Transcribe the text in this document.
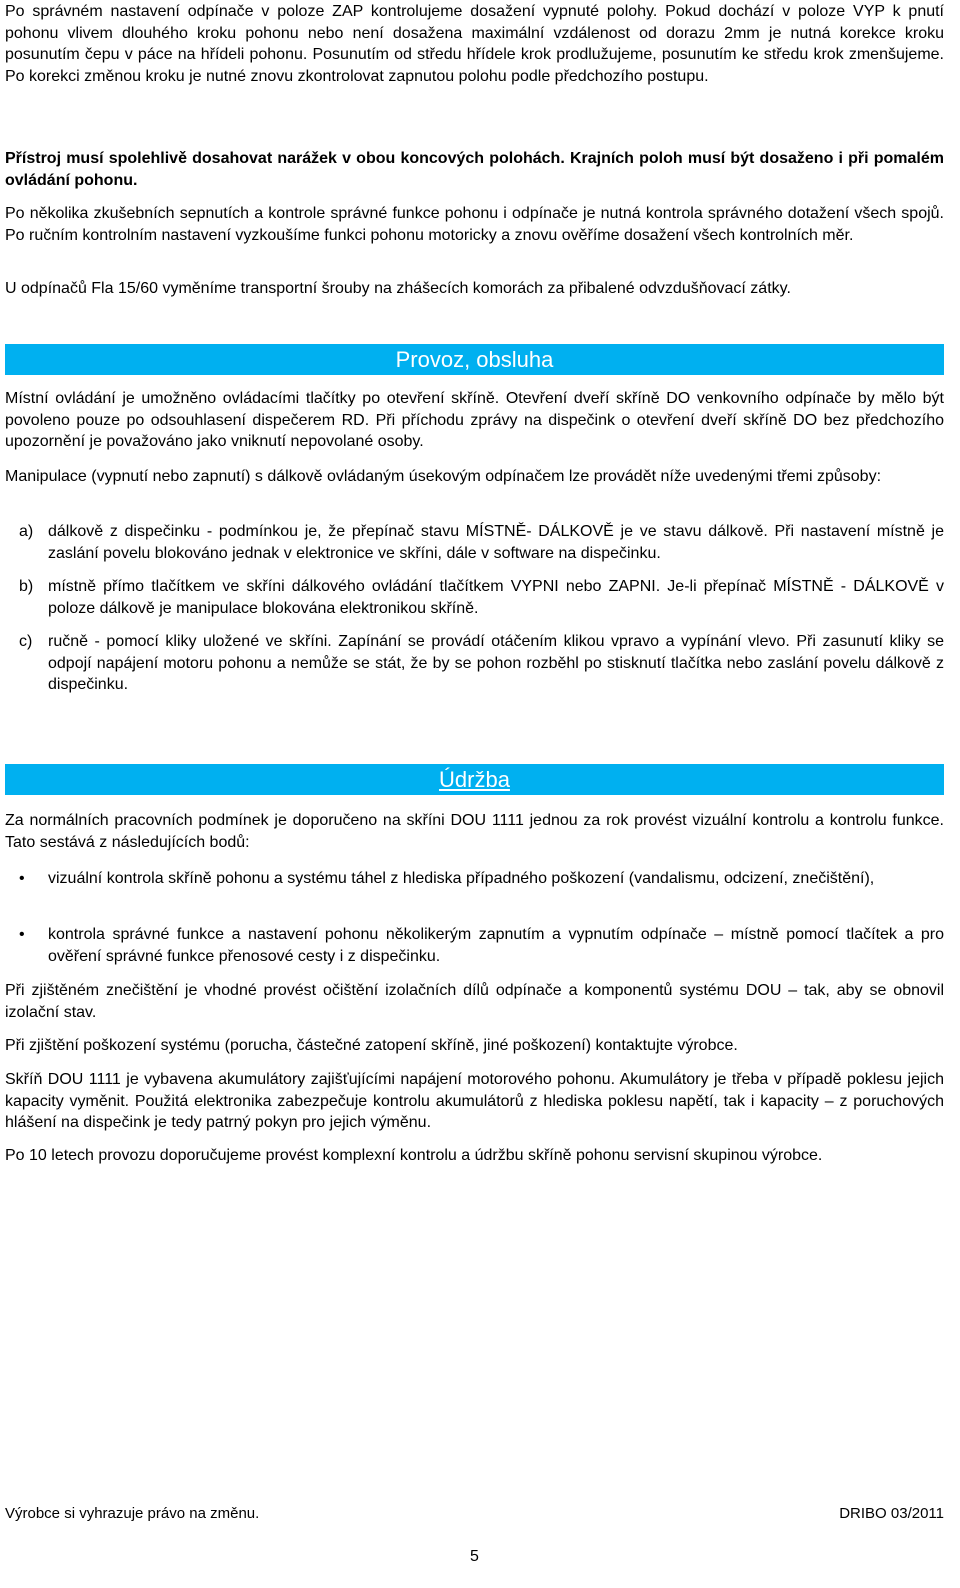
Po správném nastavení odpínače v poloze ZAP kontrolujeme dosažení vypnuté polohy. Pokud dochází v poloze VYP k pnutí pohonu vlivem dlouhého kroku pohonu nebo není dosažena maximální vzdálenost od dorazu 2mm je nutná korekce kroku posunutím čepu v páce na hřídeli pohonu. Posunutím od středu hřídele krok prodlužujeme, posunutím ke středu krok zmenšujeme. Po korekci změnou kroku je nutné znovu zkontrolovat zapnutou polohu podle předchozího postupu.

Přístroj musí spolehlivě dosahovat narážek v obou koncových polohách. Krajních poloh musí být dosaženo i při pomalém ovládání pohonu.

Po několika zkušebních sepnutích a kontrole správné funkce pohonu i odpínače je nutná kontrola správného dotažení všech spojů. Po ručním kontrolním nastavení vyzkoušíme funkci pohonu motoricky a znovu ověříme dosažení všech kontrolních měr.

U odpínačů Fla 15/60 vyměníme transportní šrouby na zhášecích komorách za přibalené odvzdušňovací zátky.

Provoz, obsluha

Místní ovládání je umožněno ovládacími tlačítky po otevření skříně. Otevření dveří skříně DO venkovního odpínače by mělo být povoleno pouze po odsouhlasení dispečerem RD. Při příchodu zprávy na dispečink o otevření dveří skříně DO bez předchozího upozornění je považováno jako vniknutí nepovolané osoby.

Manipulace (vypnutí nebo zapnutí) s dálkově ovládaným úsekovým odpínačem lze provádět níže uvedenými třemi způsoby:

a) dálkově z dispečinku - podmínkou je, že přepínač stavu MÍSTNĚ- DÁLKOVĚ je ve stavu dálkově. Při nastavení místně je zaslání povelu blokováno jednak v elektronice ve skříni, dále v software na dispečinku.

b) místně přímo tlačítkem ve skříni dálkového ovládání tlačítkem VYPNI nebo ZAPNI. Je-li přepínač MÍSTNĚ - DÁLKOVĚ v poloze dálkově je manipulace blokována elektronikou skříně.

c) ručně - pomocí kliky uložené ve skříni. Zapínání se provádí otáčením klikou vpravo a vypínání vlevo. Při zasunutí kliky se odpojí napájení motoru pohonu a nemůže se stát, že by se pohon rozběhl po stisknutí tlačítka nebo zaslání povelu dálkově z dispečinku.

Údržba

Za normálních pracovních podmínek je doporučeno na skříni DOU 1111 jednou za rok provést vizuální kontrolu a kontrolu funkce. Tato sestává z následujících bodů:

•	vizuální kontrola skříně pohonu a systému táhel z hlediska případného poškození (vandalismu, odcizení, znečištění),

•	kontrola správné funkce a nastavení pohonu několikerým zapnutím a vypnutím odpínače – místně pomocí tlačítek a pro ověření správné funkce přenosové cesty i z dispečinku.

Při zjištěném znečištění je vhodné provést očištění izolačních dílů odpínače a komponentů systému DOU – tak, aby se obnovil izolační stav.

Při zjištění poškození systému (porucha, částečné zatopení skříně, jiné poškození) kontaktujte výrobce.

Skříň DOU 1111 je vybavena akumulátory zajišťujícími napájení motorového pohonu. Akumulátory je třeba v případě poklesu jejich kapacity vyměnit. Použitá elektronika zabezpečuje kontrolu akumulátorů z hlediska poklesu napětí, tak i kapacity – z poruchových hlášení na dispečink je tedy patrný pokyn pro jejich výměnu.

Po 10 letech provozu doporučujeme provést komplexní kontrolu a údržbu skříně pohonu servisní skupinou výrobce.

Výrobce si vyhrazuje právo na změnu.	DRIBO 03/2011
5
